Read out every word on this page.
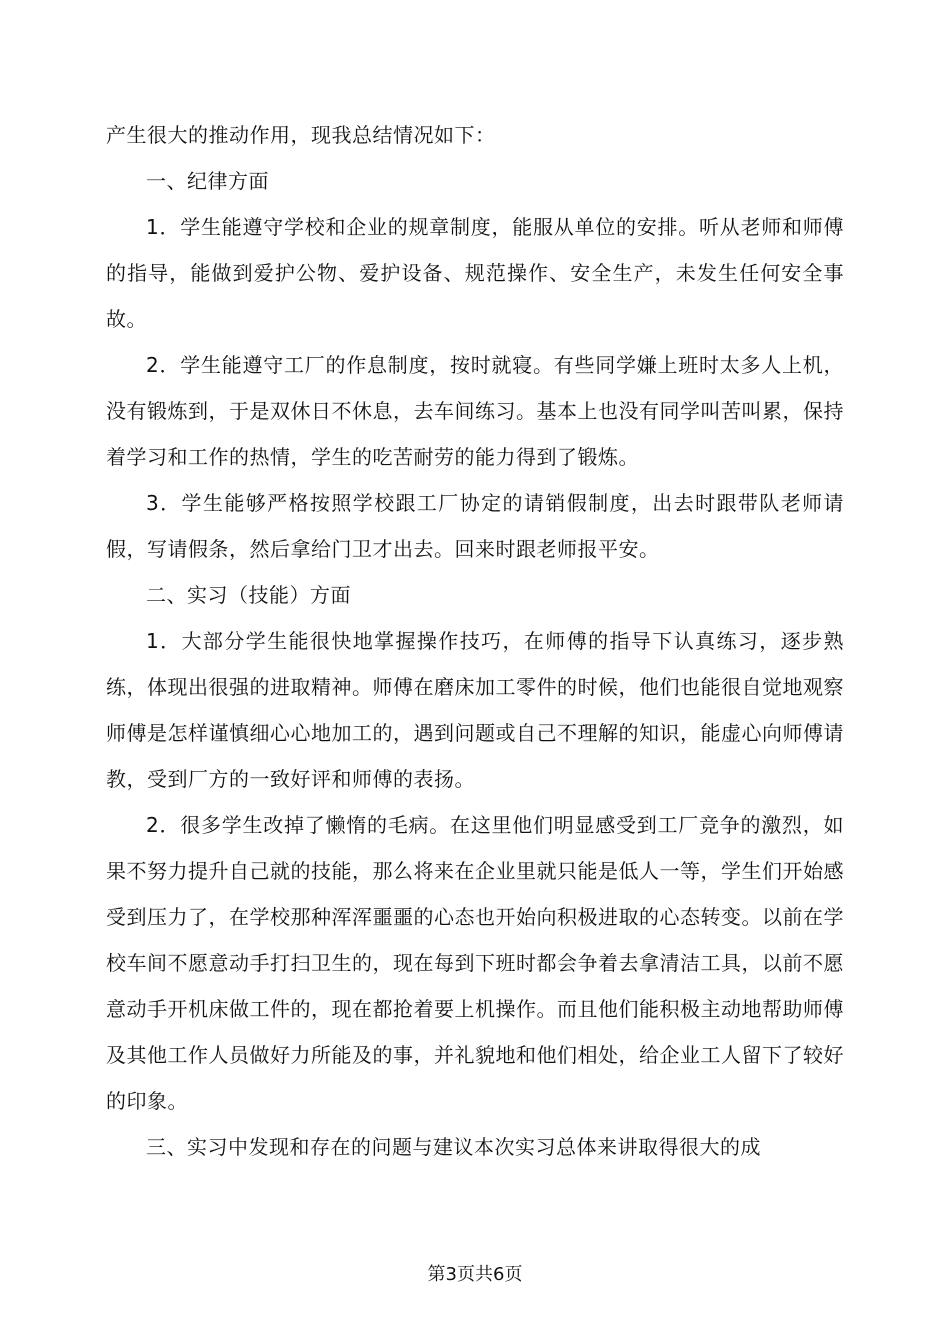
产生很大的推动作用，现我总结情况如下：

一、纪律方面

1．学生能遵守学校和企业的规章制度，能服从单位的安排。听从老师和师傅的指导，能做到爱护公物、爱护设备、规范操作、安全生产，未发生任何安全事故。

2．学生能遵守工厂的作息制度，按时就寝。有些同学嫌上班时太多人上机，没有锻炼到，于是双休日不休息，去车间练习。基本上也没有同学叫苦叫累，保持着学习和工作的热情，学生的吃苦耐劳的能力得到了锻炼。

3．学生能够严格按照学校跟工厂协定的请销假制度，出去时跟带队老师请假，写请假条，然后拿给门卫才出去。回来时跟老师报平安。

二、实习（技能）方面

1．大部分学生能很快地掌握操作技巧，在师傅的指导下认真练习，逐步熟练，体现出很强的进取精神。师傅在磨床加工零件的时候，他们也能很自觉地观察师傅是怎样谨慎细心心地加工的，遇到问题或自己不理解的知识，能虚心向师傅请教，受到厂方的一致好评和师傅的表扬。

2．很多学生改掉了懒惰的毛病。在这里他们明显感受到工厂竞争的激烈，如果不努力提升自己就的技能，那么将来在企业里就只能是低人一等，学生们开始感受到压力了，在学校那种浑浑噩噩的心态也开始向积极进取的心态转变。以前在学校车间不愿意动手打扫卫生的，现在每到下班时都会争着去拿清洁工具，以前不愿意动手开机床做工件的，现在都抢着要上机操作。而且他们能积极主动地帮助师傅及其他工作人员做好力所能及的事，并礼貌地和他们相处，给企业工人留下了较好的印象。

三、实习中发现和存在的问题与建议本次实习总体来讲取得很大的成

第3页共6页
